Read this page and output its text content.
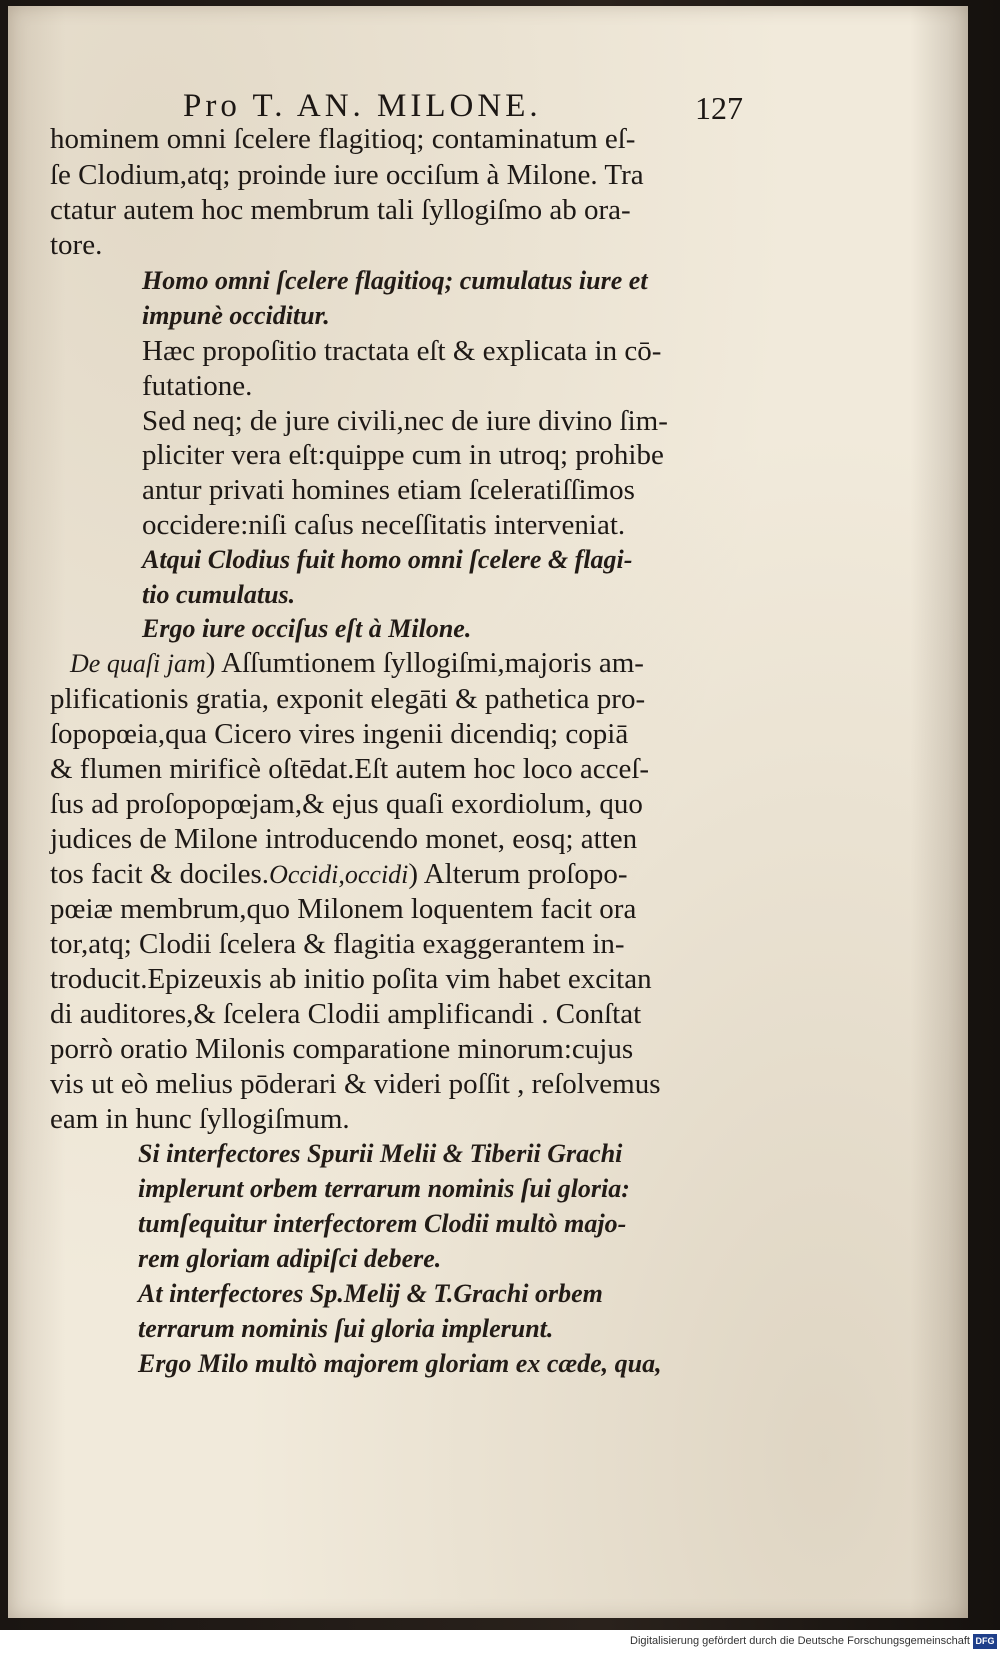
Pro T. AN. MILONE.	127
hominem omni ſcelere flagitioq; contaminatum eſ-
ſe Clodium,atq; proinde iure occiſum à Milone. Tra
ctatur autem hoc membrum tali ſyllogiſmo ab ora-
tore.
Homo omni ſcelere flagitioq; cumulatus iure et
impunè occiditur.
Hæc propoſitio tractata eſt & explicata in cō-
futatione.
Sed neq; de jure civili,nec de iure divino ſim-
pliciter vera eſt:quippe cum in utroq; prohibe
antur privati homines etiam ſceleratiſſimos
occidere:niſi caſus neceſſitatis interveniat.
Atqui Clodius fuit homo omni ſcelere & flagi-
tio cumulatus.
Ergo iure occiſus eſt à Milone.
De quaſi jam) Aſſumtionem ſyllogiſmi,majoris am-
plificationis gratia, exponit elegāti & pathetica pro-
ſopopœia,qua Cicero vires ingenii dicendiq; copiā
& flumen mirificè oſtēdat.Eſt autem hoc loco acceſ-
ſus ad proſopopœjam,& ejus quaſi exordiolum, quo
judices de Milone introducendo monet, eosq; atten
tos facit & dociles.Occidi,occidi) Alterum proſopo-
pœiæ membrum,quo Milonem loquentem facit ora
tor,atq; Clodii ſcelera & flagitia exaggerantem in-
troducit.Epizeuxis ab initio poſita vim habet excitan
di auditores,& ſcelera Clodii amplificandi . Conſtat
porrò oratio Milonis comparatione minorum:cujus
vis ut eò melius pōderari & videri poſſit , reſolvemus
eam in hunc ſyllogiſmum.
Si interfectores Spurii Melii & Tiberii Grachi
implerunt orbem terrarum nominis ſui gloria:
tumſequitur interfectorem Clodii multò majo-
rem gloriam adipiſci debere.
At interfectores Sp.Melij & T.Grachi orbem
terrarum nominis ſui gloria implerunt.
Ergo Milo multò majorem gloriam ex cæde, qua,
Digitalisierung gefördert durch die Deutsche Forschungsgemeinschaft DFG
